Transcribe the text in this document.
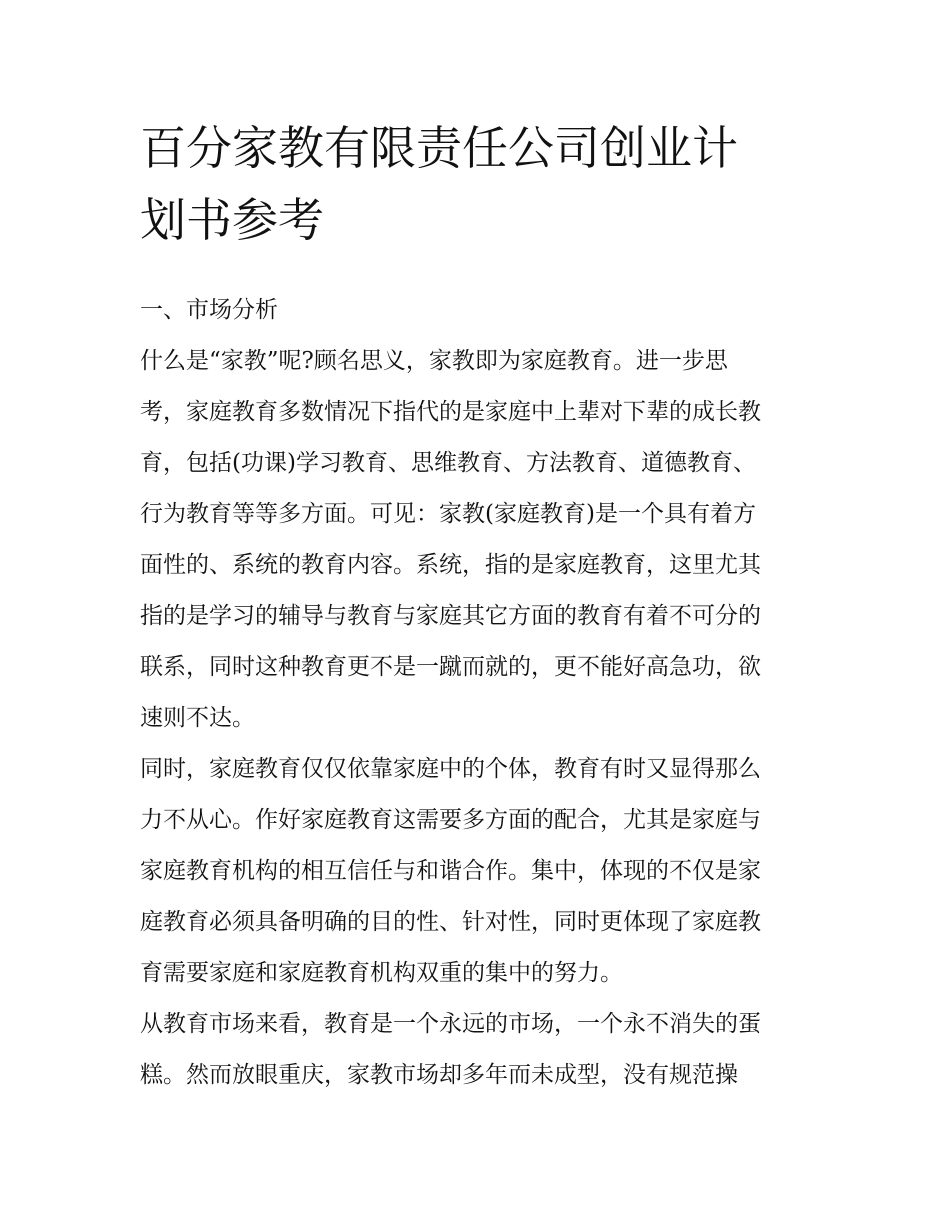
百分家教有限责任公司创业计
划书参考
一、市场分析
什么是“家教”呢?顾名思义，家教即为家庭教育。进一步思
考，家庭教育多数情况下指代的是家庭中上辈对下辈的成长教
育，包括(功课)学习教育、思维教育、方法教育、道德教育、
行为教育等等多方面。可见：家教(家庭教育)是一个具有着方
面性的、系统的教育内容。系统，指的是家庭教育，这里尤其
指的是学习的辅导与教育与家庭其它方面的教育有着不可分的
联系，同时这种教育更不是一蹴而就的，更不能好高急功，欲
速则不达。
同时，家庭教育仅仅依靠家庭中的个体，教育有时又显得那么
力不从心。作好家庭教育这需要多方面的配合，尤其是家庭与
家庭教育机构的相互信任与和谐合作。集中，体现的不仅是家
庭教育必须具备明确的目的性、针对性，同时更体现了家庭教
育需要家庭和家庭教育机构双重的集中的努力。
从教育市场来看，教育是一个永远的市场，一个永不消失的蛋
糕。然而放眼重庆，家教市场却多年而未成型，没有规范操
